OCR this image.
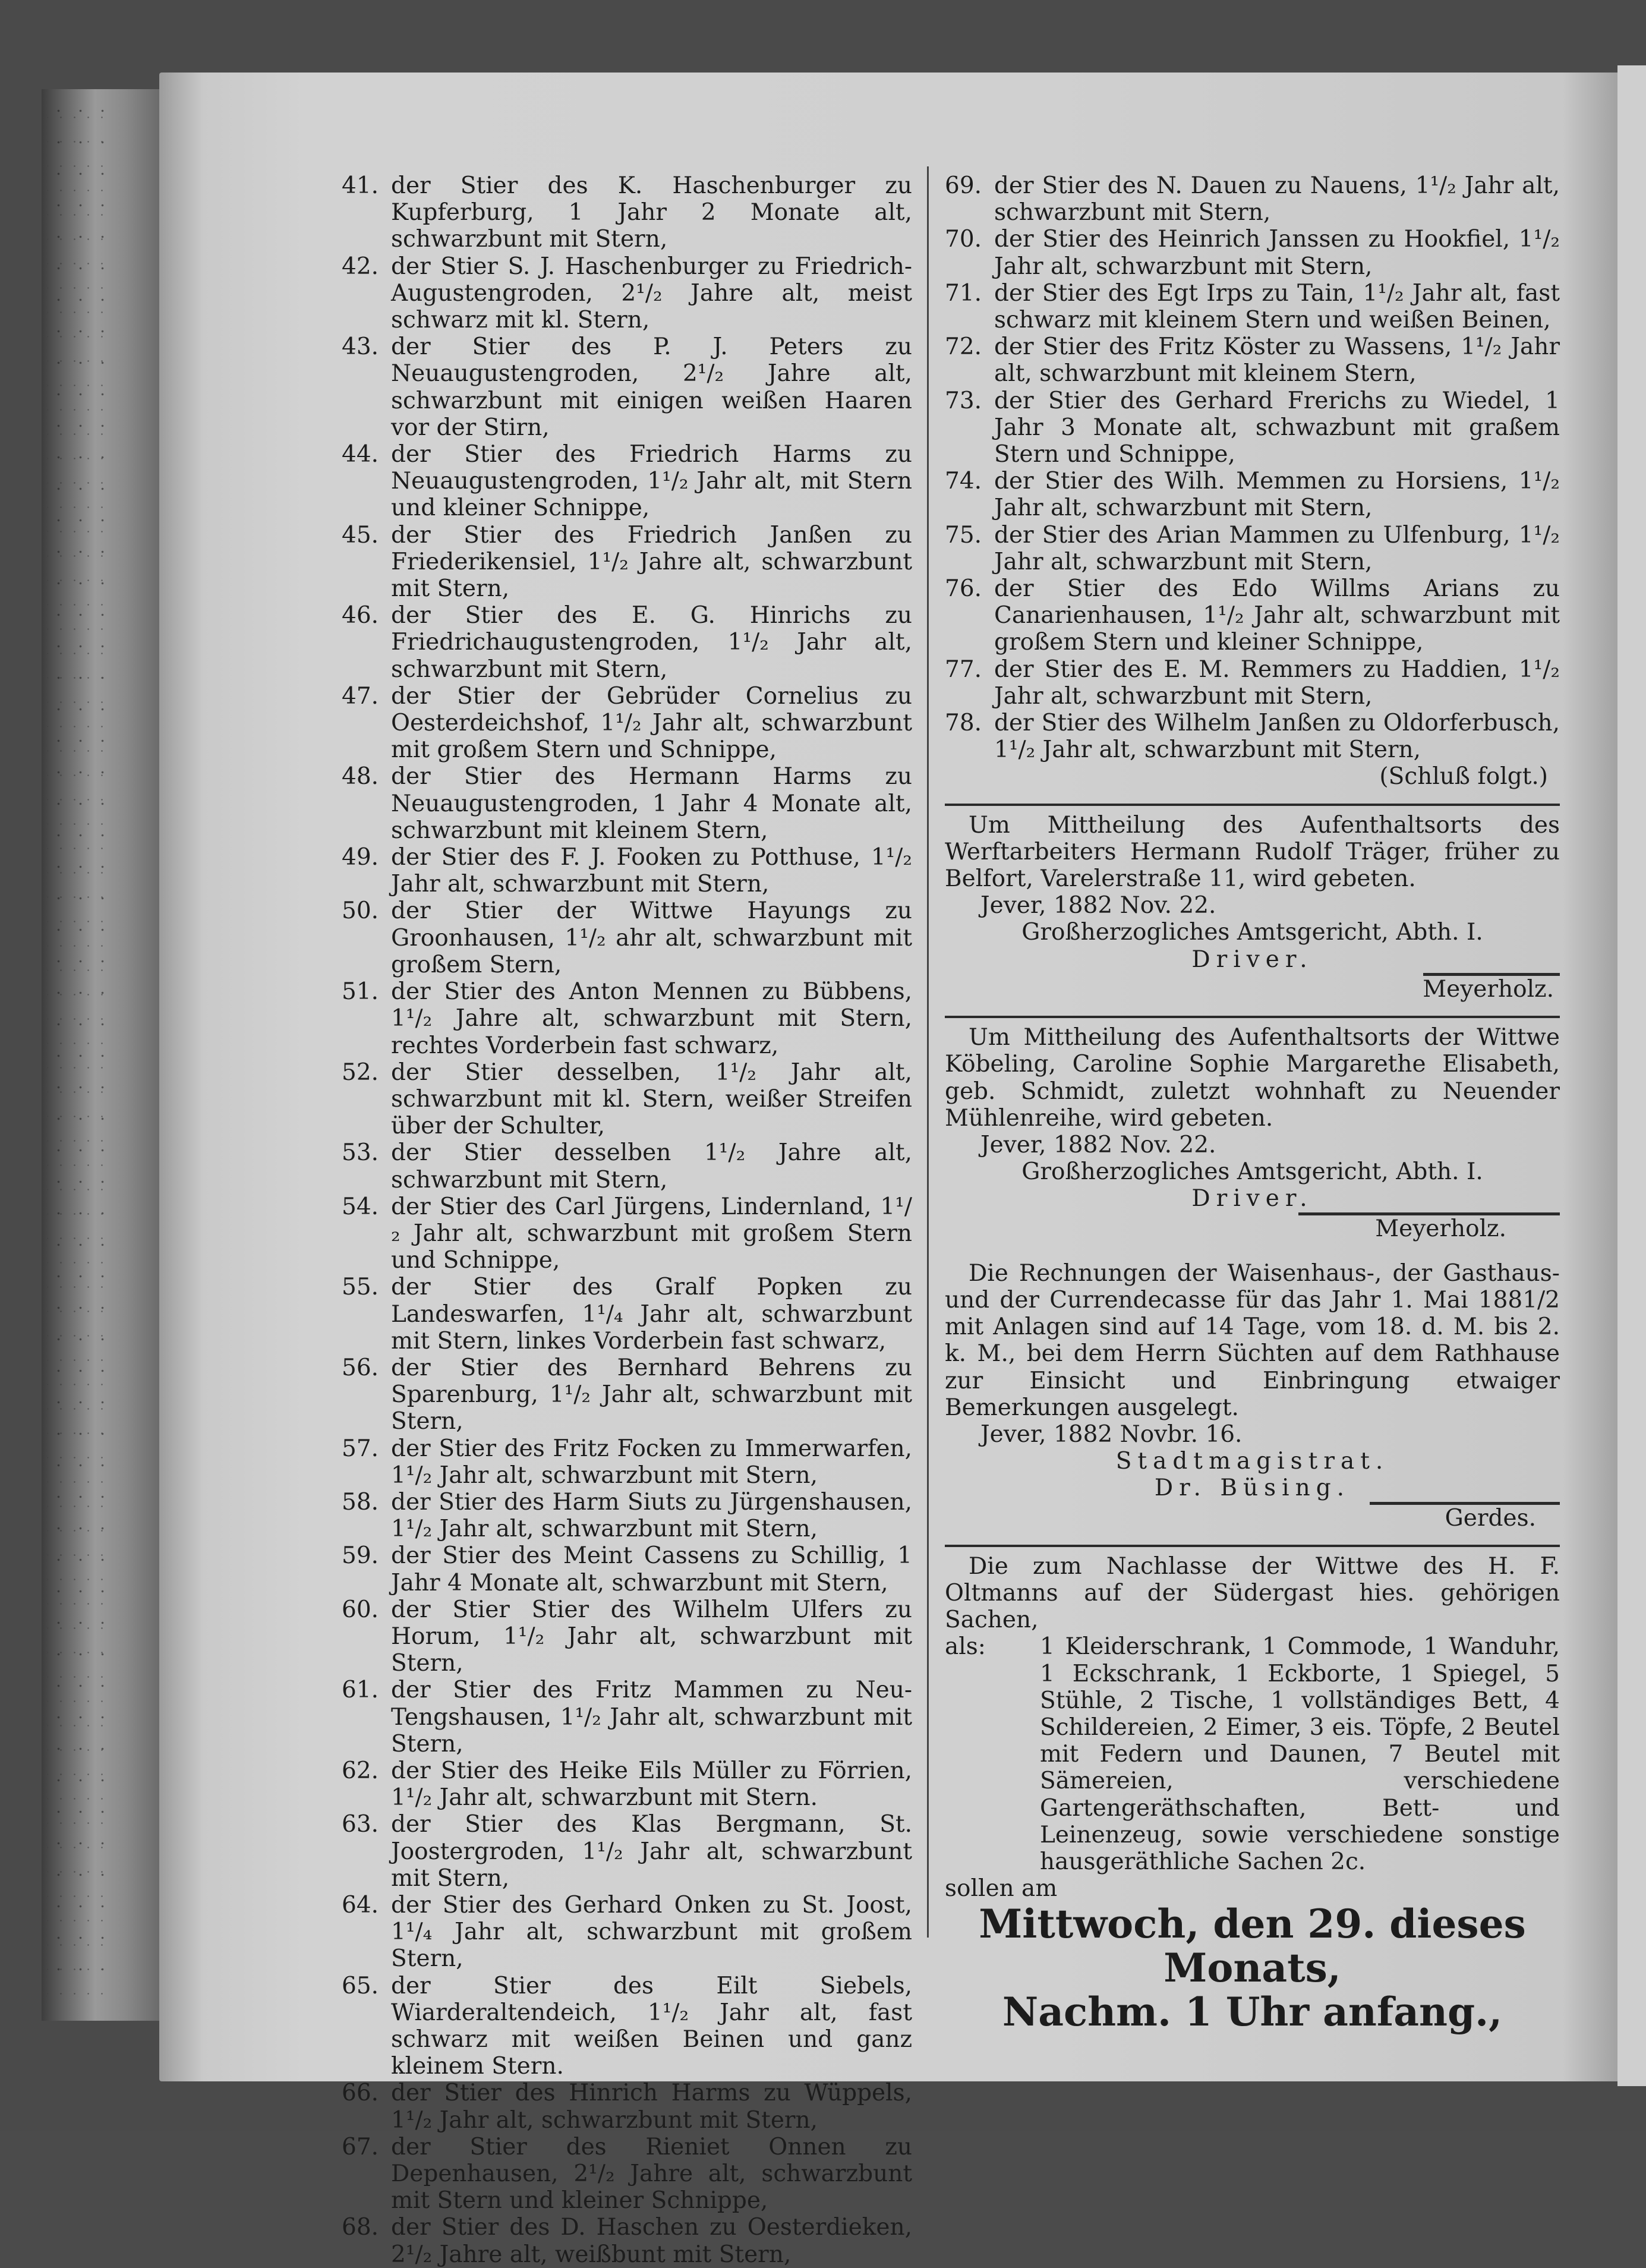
41. der Stier des K. Haschenburger zu Kupferburg, 1 Jahr 2 Monate alt, schwarzbunt mit Stern,
42. der Stier S. J. Haschenburger zu Friedrich-Augustengroden, 2¹/₂ Jahre alt, meist schwarz mit kl. Stern,
43. der Stier des P. J. Peters zu Neuaugustengroden, 2¹/₂ Jahre alt, schwarzbunt mit einigen weißen Haaren vor der Stirn,
44. der Stier des Friedrich Harms zu Neuaugustengroden, 1¹/₂ Jahr alt, mit Stern und kleiner Schnippe,
45. der Stier des Friedrich Janßen zu Friederikensiel, 1¹/₂ Jahre alt, schwarzbunt mit Stern,
46. der Stier des E. G. Hinrichs zu Friedrichaugustengroden, 1¹/₂ Jahr alt, schwarzbunt mit Stern,
47. der Stier der Gebrüder Cornelius zu Oesterdeichshof, 1¹/₂ Jahr alt, schwarzbunt mit großem Stern und Schnippe,
48. der Stier des Hermann Harms zu Neuaugustengroden, 1 Jahr 4 Monate alt, schwarzbunt mit kleinem Stern,
49. der Stier des F. J. Fooken zu Potthuse, 1¹/₂ Jahr alt, schwarzbunt mit Stern,
50. der Stier der Wittwe Hayungs zu Groonhausen, 1¹/₂ ahr alt, schwarzbunt mit großem Stern,
51. der Stier des Anton Mennen zu Bübbens, 1¹/₂ Jahre alt, schwarzbunt mit Stern, rechtes Vorderbein fast schwarz,
52. der Stier desselben, 1¹/₂ Jahr alt, schwarzbunt mit kl. Stern, weißer Streifen über der Schulter,
53. der Stier desselben 1¹/₂ Jahre alt, schwarzbunt mit Stern,
54. der Stier des Carl Jürgens, Lindernland, 1¹/₂ Jahr alt, schwarzbunt mit großem Stern und Schnippe,
55. der Stier des Gralf Popken zu Landeswarfen, 1¹/₄ Jahr alt, schwarzbunt mit Stern, linkes Vorderbein fast schwarz,
56. der Stier des Bernhard Behrens zu Sparenburg, 1¹/₂ Jahr alt, schwarzbunt mit Stern,
57. der Stier des Fritz Focken zu Immerwarfen, 1¹/₂ Jahr alt, schwarzbunt mit Stern,
58. der Stier des Harm Siuts zu Jürgenshausen, 1¹/₂ Jahr alt, schwarzbunt mit Stern,
59. der Stier des Meint Cassens zu Schillig, 1 Jahr 4 Monate alt, schwarzbunt mit Stern,
60. der Stier Stier des Wilhelm Ulfers zu Horum, 1¹/₂ Jahr alt, schwarzbunt mit Stern,
61. der Stier des Fritz Mammen zu Neu-Tengshausen, 1¹/₂ Jahr alt, schwarzbunt mit Stern,
62. der Stier des Heike Eils Müller zu Förrien, 1¹/₂ Jahr alt, schwarzbunt mit Stern.
63. der Stier des Klas Bergmann, St. Joostergroden, 1¹/₂ Jahr alt, schwarzbunt mit Stern,
64. der Stier des Gerhard Onken zu St. Joost, 1¹/₄ Jahr alt, schwarzbunt mit großem Stern,
65. der Stier des Eilt Siebels, Wiarderaltendeich, 1¹/₂ Jahr alt, fast schwarz mit weißen Beinen und ganz kleinem Stern.
66. der Stier des Hinrich Harms zu Wüppels, 1¹/₂ Jahr alt, schwarzbunt mit Stern,
67. der Stier des Rieniet Onnen zu Depenhausen, 2¹/₂ Jahre alt, schwarzbunt mit Stern und kleiner Schnippe,
68. der Stier des D. Haschen zu Oesterdieken, 2¹/₂ Jahre alt, weißbunt mit Stern,
69. der Stier des N. Dauen zu Nauens, 1¹/₂ Jahr alt, schwarzbunt mit Stern,
70. der Stier des Heinrich Janssen zu Hookfiel, 1¹/₂ Jahr alt, schwarzbunt mit Stern,
71. der Stier des Egt Irps zu Tain, 1¹/₂ Jahr alt, fast schwarz mit kleinem Stern und weißen Beinen,
72. der Stier des Fritz Köster zu Wassens, 1¹/₂ Jahr alt, schwarzbunt mit kleinem Stern,
73. der Stier des Gerhard Frerichs zu Wiedel, 1 Jahr 3 Monate alt, schwazbunt mit graßem Stern und Schnippe,
74. der Stier des Wilh. Memmen zu Horsiens, 1¹/₂ Jahr alt, schwarzbunt mit Stern,
75. der Stier des Arian Mammen zu Ulfenburg, 1¹/₂ Jahr alt, schwarzbunt mit Stern,
76. der Stier des Edo Willms Arians zu Canarienhausen, 1¹/₂ Jahr alt, schwarzbunt mit großem Stern und kleiner Schnippe,
77. der Stier des E. M. Remmers zu Haddien, 1¹/₂ Jahr alt, schwarzbunt mit Stern,
78. der Stier des Wilhelm Janßen zu Oldorferbusch, 1¹/₂ Jahr alt, schwarzbunt mit Stern,
(Schluß folgt.)
Um Mittheilung des Aufenthaltsorts des Werftarbeiters Hermann Rudolf Träger, früher zu Belfort, Varelerstraße 11, wird gebeten.
Jever, 1882 Nov. 22.
Großherzogliches Amtsgericht, Abth. I.
Driver.
Meyerholz.
Um Mittheilung des Aufenthaltsorts der Wittwe Köbeling, Caroline Sophie Margarethe Elisabeth, geb. Schmidt, zuletzt wohnhaft zu Neuender Mühlenreihe, wird gebeten.
Jever, 1882 Nov. 22.
Großherzogliches Amtsgericht, Abth. I.
Driver.
Meyerholz.
Die Rechnungen der Waisenhaus-, der Gasthaus- und der Currendecasse für das Jahr 1. Mai 1881/2 mit Anlagen sind auf 14 Tage, vom 18. d. M. bis 2. k. M., bei dem Herrn Süchten auf dem Rathhause zur Einsicht und Einbringung etwaiger Bemerkungen ausgelegt.
Jever, 1882 Novbr. 16.
Stadtmagistrat.
Dr. Büsing.
Gerdes.
Die zum Nachlasse der Wittwe des H. F. Oltmanns auf der Südergast hies. gehörigen Sachen,
als: 1 Kleiderschrank, 1 Commode, 1 Wanduhr, 1 Eckschrank, 1 Eckborte, 1 Spiegel, 5 Stühle, 2 Tische, 1 vollständiges Bett, 4 Schildereien, 2 Eimer, 3 eis. Töpfe, 2 Beutel mit Federn und Daunen, 7 Beutel mit Sämereien, verschiedene Gartengeräthschaften, Bett- und Leinenzeug, sowie verschiedene sonstige hausgeräthliche Sachen 2c.
sollen am
Mittwoch, den 29. dieses Monats,
Nachm. 1 Uhr anfang.,
